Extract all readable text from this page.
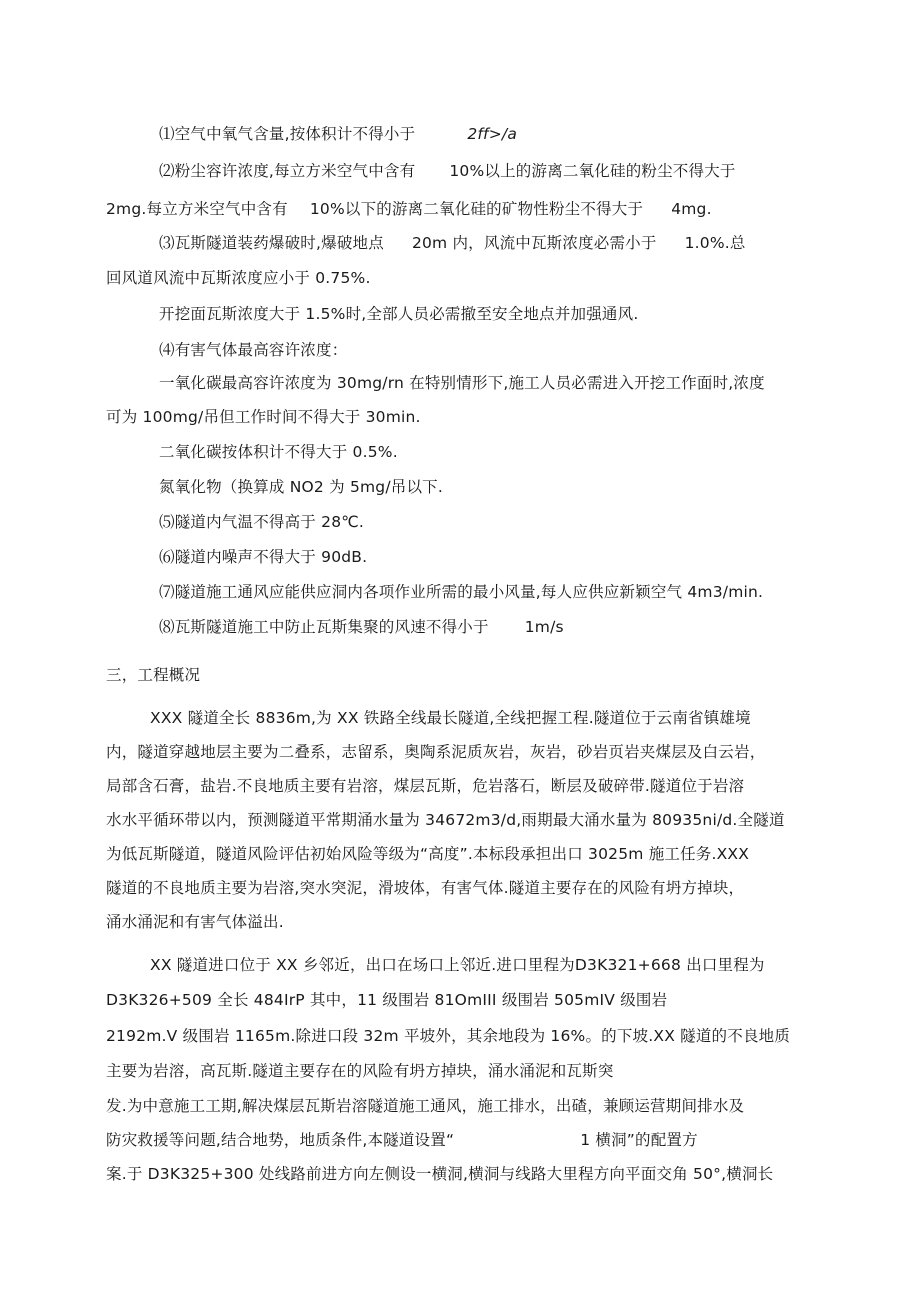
⑴空气中氧气含量,按体积计不得小于	2ff>/a
⑵粉尘容许浓度,每立方米空气中含有 10%以上的游离二氧化硅的粉尘不得大于
2mg.每立方米空气中含有 10%以下的游离二氧化硅的矿物性粉尘不得大于 4mg.
⑶瓦斯隧道装药爆破时,爆破地点 20m 内，风流中瓦斯浓度必需小于 1.0%.总
回风道风流中瓦斯浓度应小于 0.75%.
开挖面瓦斯浓度大于 1.5%时,全部人员必需撤至安全地点并加强通风.
⑷有害气体最高容许浓度：
一氧化碳最高容许浓度为 30mg∕rn 在特别情形下,施工人员必需进入开挖工作面时,浓度
可为 100mg/吊但工作时间不得大于 30min.
二氧化碳按体积计不得大于 0.5%.
氮氧化物（换算成 NO2 为 5mg∕吊以下.
⑸隧道内气温不得高于 28℃.
⑹隧道内噪声不得大于 90dB.
⑺隧道施工通风应能供应洞内各项作业所需的最小风量,每人应供应新颖空气 4m3∕min.
⑻瓦斯隧道施工中防止瓦斯集聚的风速不得小于 1m∕s
三，工程概况
XXX 隧道全长 8836m,为 XX 铁路全线最长隧道,全线把握工程.隧道位于云南省镇雄境
内，隧道穿越地层主要为二叠系，志留系，奥陶系泥质灰岩，灰岩，砂岩页岩夹煤层及白云岩，
局部含石膏，盐岩.不良地质主要有岩溶，煤层瓦斯，危岩落石，断层及破碎带.隧道位于岩溶
水水平循环带以内，预测隧道平常期涌水量为 34672m3∕d,雨期最大涌水量为 80935ni∕d.全隧道
为低瓦斯隧道，隧道风险评估初始风险等级为“高度”.本标段承担出口 3025m 施工任务.XXX
隧道的不良地质主要为岩溶,突水突泥，滑坡体，有害气体.隧道主要存在的风险有坍方掉块，
涌水涌泥和有害气体溢出.
XX 隧道进口位于 XX 乡邻近，出口在场口上邻近.进口里程为D3K321+668 出口里程为
D3K326+509 全长 484IrP 其中，11 级围岩 81OmIII 级围岩 505mIV 级围岩
2192m.V 级围岩 1165m.除进口段 32m 平坡外，其余地段为 16%。的下坡.XX 隧道的不良地质
主要为岩溶，高瓦斯.隧道主要存在的风险有坍方掉块，涌水涌泥和瓦斯突
发.为中意施工工期,解决煤层瓦斯岩溶隧道施工通风，施工排水，出碴，兼顾运营期间排水及
防灾救援等问题,结合地势，地质条件,本隧道设置“	1 横洞”的配置方
案.于 D3K325+300 处线路前进方向左侧设一横洞,横洞与线路大里程方向平面交角 50°,横洞长
